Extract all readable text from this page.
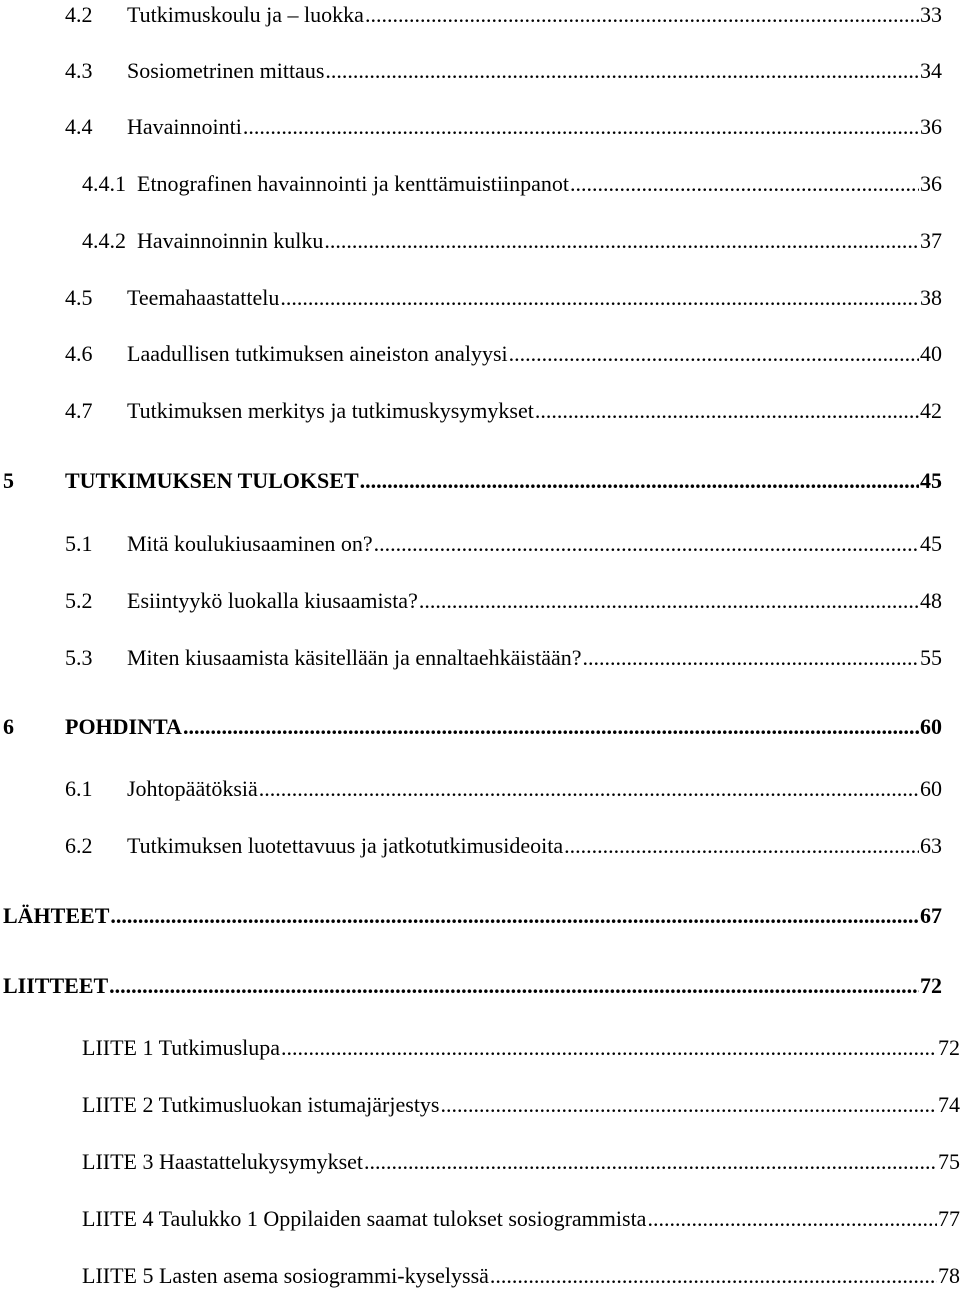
4.2	Tutkimuskoulu ja – luokka .....	33
4.3	Sosiometrinen mittaus .....	34
4.4	Havainnointi .....	36
4.4.1 Etnografinen havainnointi ja kenttämuistiinpanot .....	36
4.4.2 Havainnoinnin kulku .....	37
4.5	Teemahaastattelu .....	38
4.6	Laadullisen tutkimuksen aineiston analyysi .....	40
4.7	Tutkimuksen merkitys ja tutkimuskysymykset .....	42
5	TUTKIMUKSEN TULOKSET .....	45
5.1	Mitä koulukiusaaminen on? .....	45
5.2	Esiintyykö luokalla kiusaamista? .....	48
5.3	Miten kiusaamista käsitellään ja ennaltaehkäistään? .....	55
6	POHDINTA .....	60
6.1	Johtopäätöksiä .....	60
6.2	Tutkimuksen luotettavuus ja jatkotutkimusideoita .....	63
LÄHTEET .....	67
LIITTEET .....	72
LIITE 1 Tutkimuslupa .....	72
LIITE 2 Tutkimusluokan istumajärjestys .....	74
LIITE 3 Haastattelukysymykset .....	75
LIITE 4 Taulukko 1 Oppilaiden saamat tulokset sosiogrammista .....	77
LIITE 5 Lasten asema sosiogrammi-kyselyssä .....	78
